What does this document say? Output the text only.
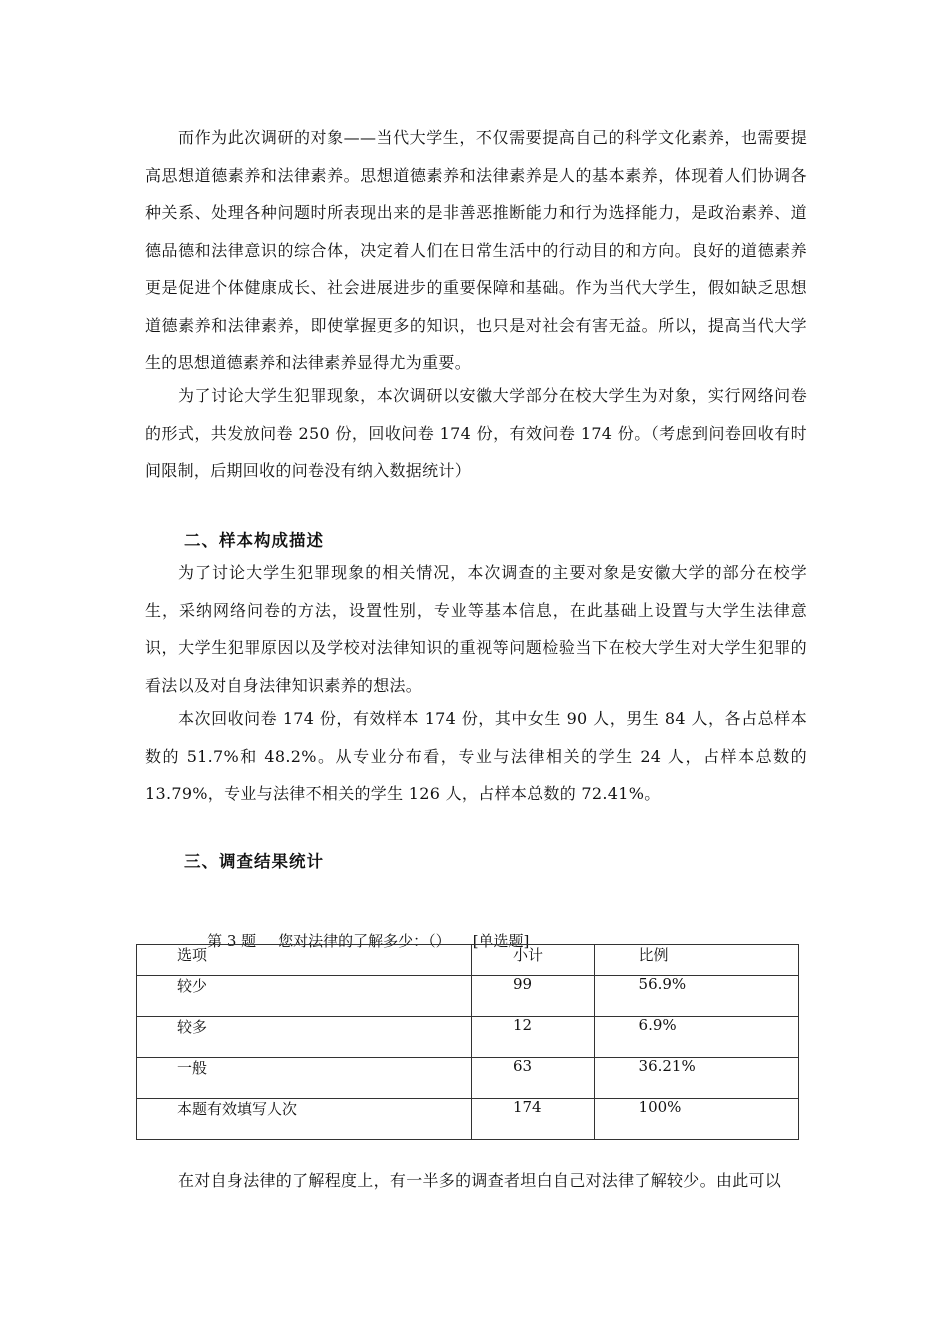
而作为此次调研的对象——当代大学生，不仅需要提高自己的科学文化素养，也需要提高思想道德素养和法律素养。思想道德素养和法律素养是人的基本素养，体现着人们协调各种关系、处理各种问题时所表现出来的是非善恶推断能力和行为选择能力，是政治素养、道德品德和法律意识的综合体，决定着人们在日常生活中的行动目的和方向。良好的道德素养更是促进个体健康成长、社会进展进步的重要保障和基础。作为当代大学生，假如缺乏思想道德素养和法律素养，即使掌握更多的知识，也只是对社会有害无益。所以，提高当代大学生的思想道德素养和法律素养显得尤为重要。

为了讨论大学生犯罪现象，本次调研以安徽大学部分在校大学生为对象，实行网络问卷的形式，共发放问卷 250 份，回收问卷 174 份，有效问卷 174 份。（考虑到问卷回收有时间限制，后期回收的问卷没有纳入数据统计）

二、样本构成描述

为了讨论大学生犯罪现象的相关情况，本次调查的主要对象是安徽大学的部分在校学生，采纳网络问卷的方法，设置性别，专业等基本信息，在此基础上设置与大学生法律意识，大学生犯罪原因以及学校对法律知识的重视等问题检验当下在校大学生对大学生犯罪的看法以及对自身法律知识素养的想法。

本次回收问卷 174 份，有效样本 174 份，其中女生 90 人，男生 84 人，各占总样本数的 51.7%和 48.2%。从专业分布看，专业与法律相关的学生 24 人，占样本总数的 13.79%，专业与法律不相关的学生 126 人，占样本总数的 72.41%。

三、调查结果统计

第 3 题 您对法律的了解多少：（） [单选题]

选项	小计	比例

较少	99	56.9%

较多	12	6.9%

一般	63	36.21%

本题有效填写人次	174	100%

在对自身法律的了解程度上，有一半多的调查者坦白自己对法律了解较少。由此可以
